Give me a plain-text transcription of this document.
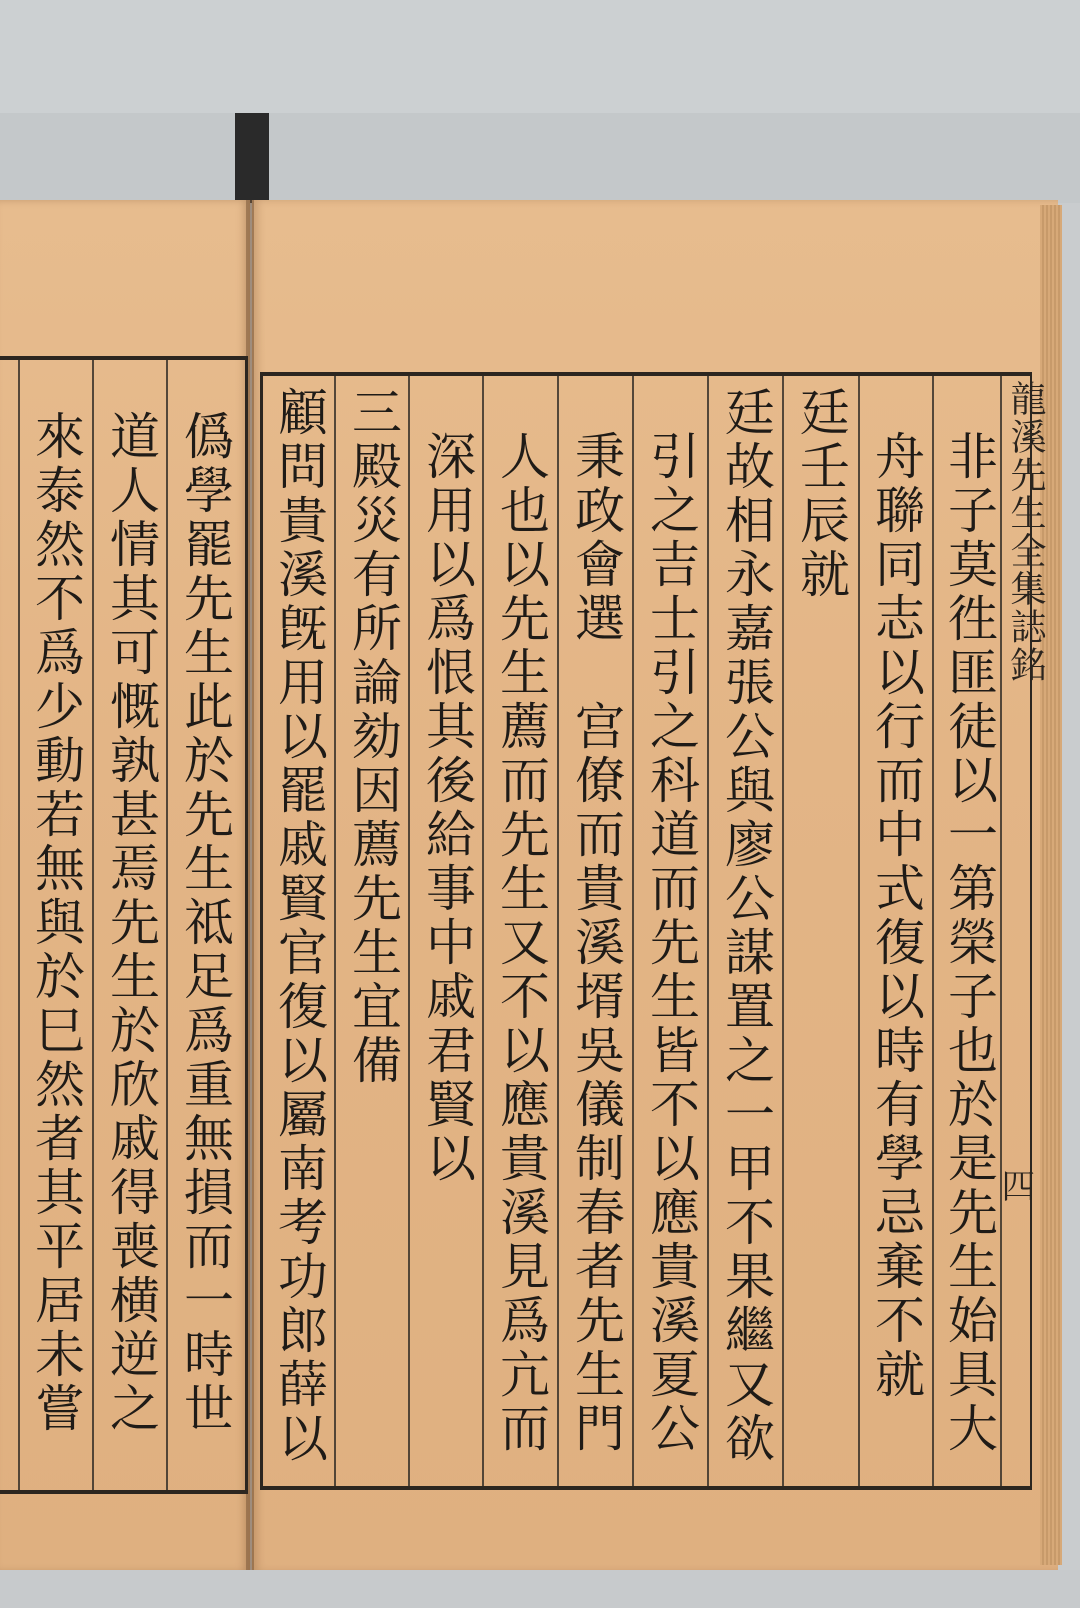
龍溪先生全集誌銘
四
非子莫徃匪徒以一第榮子也於是先生始具大
舟聯同志以行而中式復以時有學忌棄不就
廷壬辰就
廷故相永嘉張公與廖公謀置之一甲不果繼又欲
引之吉士引之科道而先生皆不以應貴溪夏公
秉政會選　宫僚而貴溪壻吳儀制春者先生門
人也以先生薦而先生又不以應貴溪見爲亢而
深用以爲恨其後給事中戚君賢以
三殿災有所論劾因薦先生宜備
顧問貴溪旣用以罷戚賢官復以屬南考功郎薛以
僞學罷先生此於先生祗足爲重無損而一時世
道人情其可慨孰甚焉先生於欣戚得喪横逆之
來泰然不爲少動若無與於巳然者其平居未嘗
